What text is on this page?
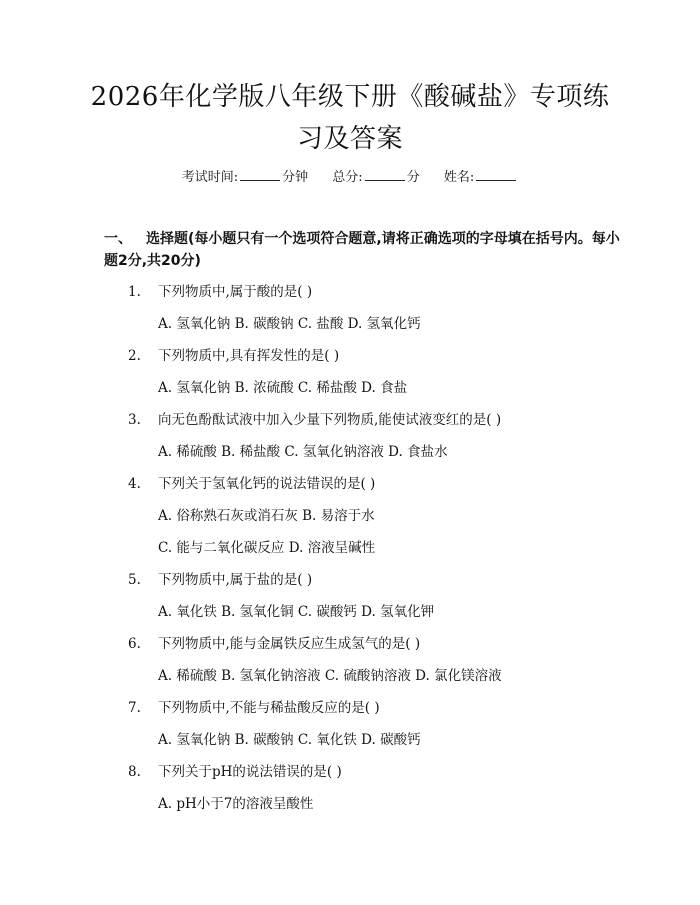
2026年化学版八年级下册《酸碱盐》专项练
习及答案
考试时间:	分钟 总分:	分 姓名:
一、 选择题(每小题只有一个选项符合题意,请将正确选项的字母填在括号内。每小题2分,共20分)
1. 下列物质中,属于酸的是( )
A. 氢氧化钠 B. 碳酸钠 C. 盐酸 D. 氢氧化钙
2. 下列物质中,具有挥发性的是( )
A. 氢氧化钠 B. 浓硫酸 C. 稀盐酸 D. 食盐
3. 向无色酚酞试液中加入少量下列物质,能使试液变红的是( )
A. 稀硫酸 B. 稀盐酸 C. 氢氧化钠溶液 D. 食盐水
4. 下列关于氢氧化钙的说法错误的是( )
A. 俗称熟石灰或消石灰 B. 易溶于水
C. 能与二氧化碳反应 D. 溶液呈碱性
5. 下列物质中,属于盐的是( )
A. 氧化铁 B. 氢氧化铜 C. 碳酸钙 D. 氢氧化钾
6. 下列物质中,能与金属铁反应生成氢气的是( )
A. 稀硫酸 B. 氢氧化钠溶液 C. 硫酸钠溶液 D. 氯化镁溶液
7. 下列物质中,不能与稀盐酸反应的是( )
A. 氢氧化钠 B. 碳酸钠 C. 氧化铁 D. 碳酸钙
8. 下列关于pH的说法错误的是( )
A. pH小于7的溶液呈酸性
